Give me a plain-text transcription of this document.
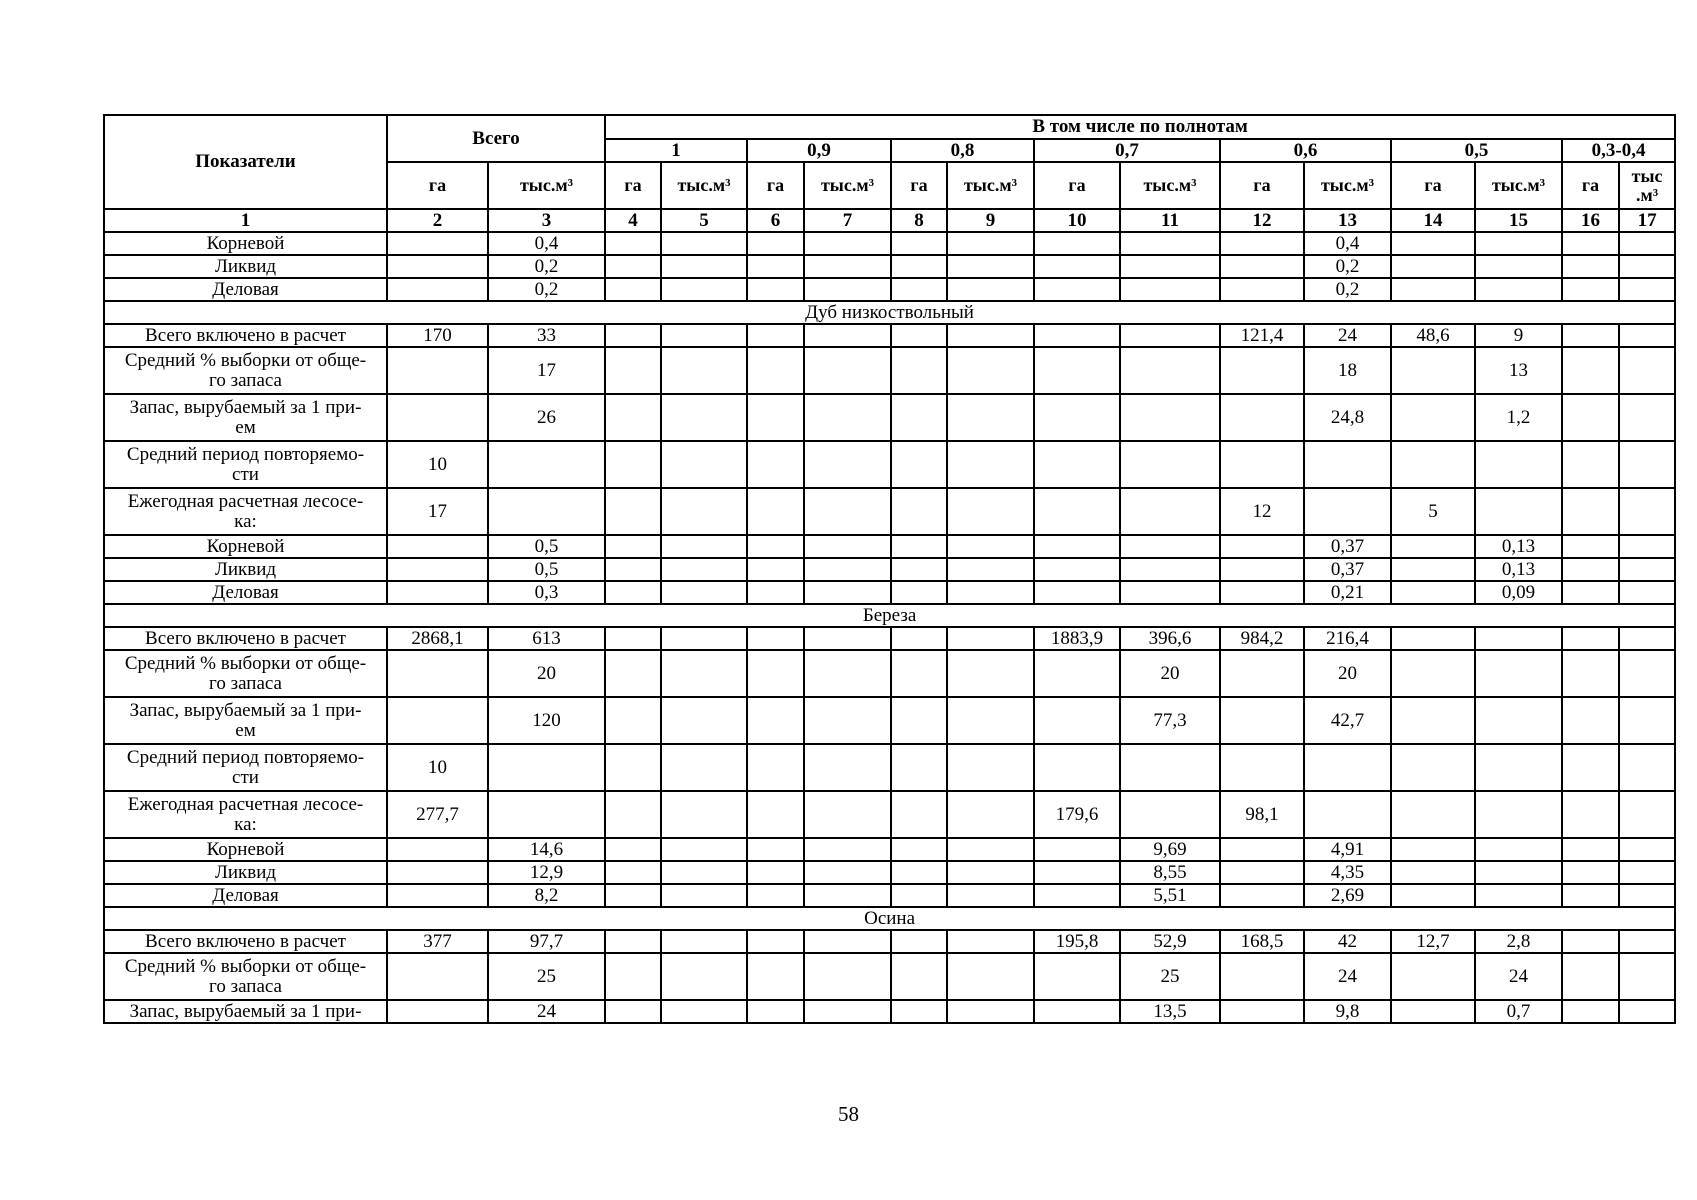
Показатели	Всего		В том числе по полнотам													
			1		0,9		0,8		0,7		0,6		0,5		0,3-0,4	
	га	тыс.м³	га	тыс.м³	га	тыс.м³	га	тыс.м³	га	тыс.м³	га	тыс.м³	га	тыс.м³	га	тыс
.м³
1	2	3	4	5	6	7	8	9	10	11	12	13	14	15	16	17
Корневой		0,4										0,4				
Ликвид		0,2										0,2				
Деловая		0,2										0,2				
Дуб низкоствольный																
Всего включено в расчет	170	33									121,4	24	48,6	9		
Средний % выборки от обще-
го запаса		17										18		13		
Запас, вырубаемый за 1 при-
ем		26										24,8		1,2		
Средний период повторяемо-
сти	10															
Ежегодная расчетная лесосе-
ка:	17										12		5			
Корневой		0,5										0,37		0,13		
Ликвид		0,5										0,37		0,13		
Деловая		0,3										0,21		0,09		
Береза																
Всего включено в расчет	2868,1	613							1883,9	396,6	984,2	216,4				
Средний % выборки от обще-
го запаса		20								20		20				
Запас, вырубаемый за 1 при-
ем		120								77,3		42,7				
Средний период повторяемо-
сти	10															
Ежегодная расчетная лесосе-
ка:	277,7								179,6		98,1					
Корневой		14,6								9,69		4,91				
Ликвид		12,9								8,55		4,35				
Деловая		8,2								5,51		2,69				
Осина																
Всего включено в расчет	377	97,7							195,8	52,9	168,5	42	12,7	2,8		
Средний % выборки от обще-
го запаса		25								25		24		24		
Запас, вырубаемый за 1 при-		24								13,5		9,8		0,7		
58
